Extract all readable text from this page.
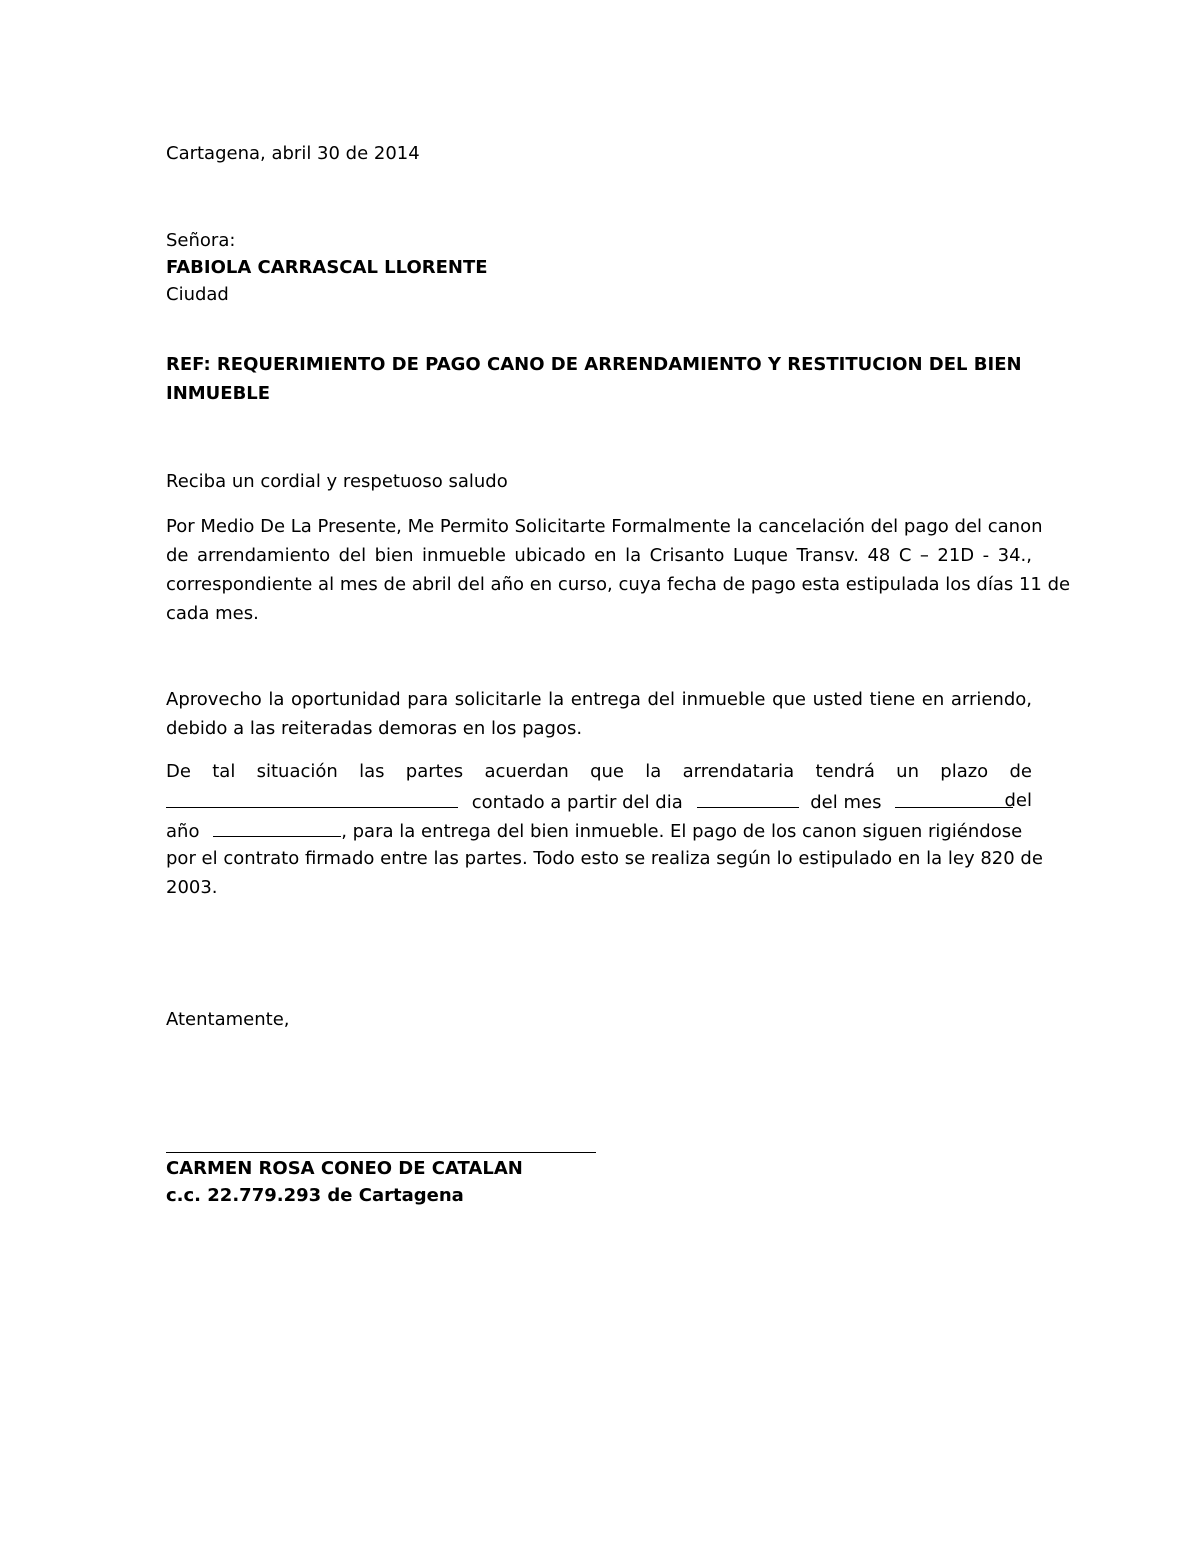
Cartagena, abril 30 de 2014
Señora:
FABIOLA CARRASCAL LLORENTE
Ciudad
REF: REQUERIMIENTO DE PAGO CANO DE ARRENDAMIENTO Y RESTITUCION DEL BIEN
INMUEBLE
Reciba un cordial y respetuoso saludo
Por Medio De La Presente, Me Permito Solicitarte Formalmente la cancelación del pago del canon
de arrendamiento del bien inmueble ubicado en la Crisanto Luque Transv. 48 C – 21D - 34.,
correspondiente al mes de abril del año en curso, cuya fecha de pago esta estipulada los días 11 de
cada mes.
Aprovecho la oportunidad para solicitarle la entrega del inmueble que usted tiene en arriendo,
debido a las reiteradas demoras en los pagos.
De tal situación las partes acuerdan que la arrendataria tendrá un plazo de
contado a partir del dia	del mes	del
año	, para la entrega del bien inmueble. El pago de los canon siguen rigiéndose
por el contrato firmado entre las partes. Todo esto se realiza según lo estipulado en la ley 820 de
2003.
Atentamente,
CARMEN ROSA CONEO DE CATALAN
c.c. 22.779.293 de Cartagena
